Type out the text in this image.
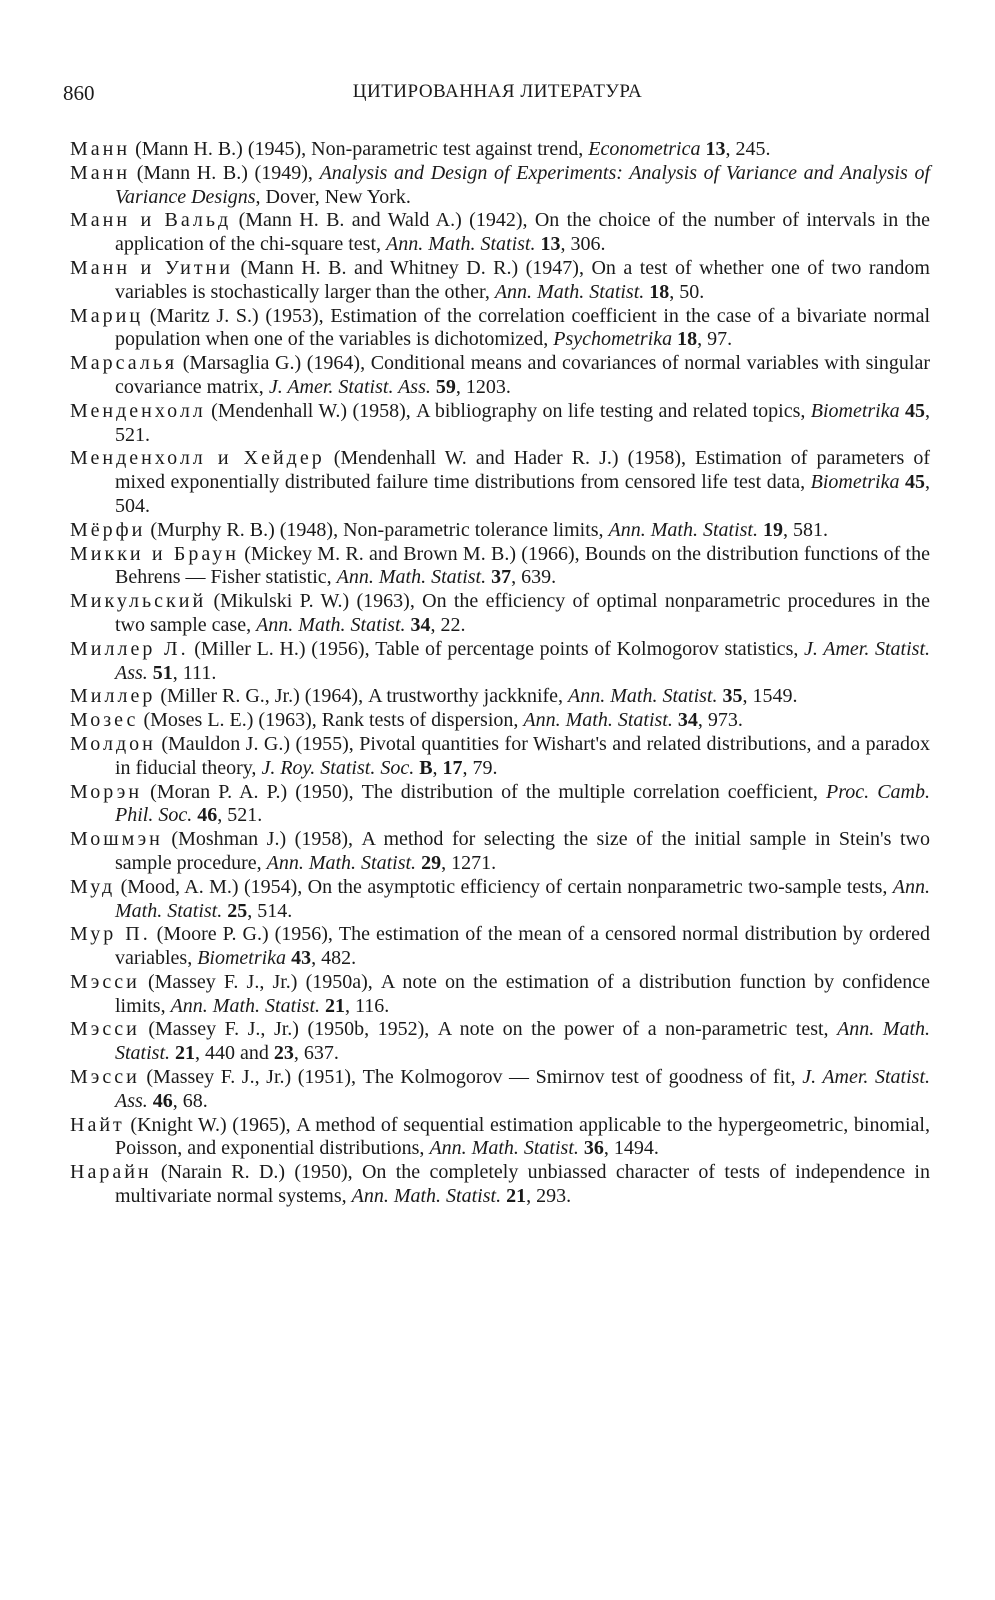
860	ЦИТИРОВАННАЯ ЛИТЕРАТУРА
Манн (Mann H. B.) (1945), Non-parametric test against trend, Econometrica 13, 245.
Манн (Mann H. B.) (1949), Analysis and Design of Experiments: Analysis of Variance and Analysis of Variance Designs, Dover, New York.
Манн и Вальд (Mann H. B. and Wald A.) (1942), On the choice of the number of intervals in the application of the chi-square test, Ann. Math. Statist. 13, 306.
Манн и Уитни (Mann H. B. and Whitney D. R.) (1947), On a test of whether one of two random variables is stochastically larger than the other, Ann. Math. Statist. 18, 50.
Мариц (Maritz J. S.) (1953), Estimation of the correlation coefficient in the case of a bivariate normal population when one of the variables is dichotomized, Psychometrika 18, 97.
Марсалья (Marsaglia G.) (1964), Conditional means and covariances of normal variables with singular covariance matrix, J. Amer. Statist. Ass. 59, 1203.
Менденхолл (Mendenhall W.) (1958), A bibliography on life testing and related topics, Biometrika 45, 521.
Менденхолл и Хейдер (Mendenhall W. and Hader R. J.) (1958), Estimation of parameters of mixed exponentially distributed failure time distributions from censored life test data, Biometrika 45, 504.
Мёрфи (Murphy R. B.) (1948), Non-parametric tolerance limits, Ann. Math. Statist. 19, 581.
Микки и Браун (Mickey M. R. and Brown M. B.) (1966), Bounds on the distribution functions of the Behrens — Fisher statistic, Ann. Math. Statist. 37, 639.
Микульский (Mikulski P. W.) (1963), On the efficiency of optimal nonparametric procedures in the two sample case, Ann. Math. Statist. 34, 22.
Миллер Л. (Miller L. H.) (1956), Table of percentage points of Kolmogorov statistics, J. Amer. Statist. Ass. 51, 111.
Миллер (Miller R. G., Jr.) (1964), A trustworthy jackknife, Ann. Math. Statist. 35, 1549.
Мозес (Moses L. E.) (1963), Rank tests of dispersion, Ann. Math. Statist. 34, 973.
Молдон (Mauldon J. G.) (1955), Pivotal quantities for Wishart's and related distributions, and a paradox in fiducial theory, J. Roy. Statist. Soc. B, 17, 79.
Морэн (Moran P. A. P.) (1950), The distribution of the multiple correlation coefficient, Proc. Camb. Phil. Soc. 46, 521.
Мошмэн (Moshman J.) (1958), A method for selecting the size of the initial sample in Stein's two sample procedure, Ann. Math. Statist. 29, 1271.
Муд (Mood, A. M.) (1954), On the asymptotic efficiency of certain nonparametric two-sample tests, Ann. Math. Statist. 25, 514.
Мур П. (Moore P. G.) (1956), The estimation of the mean of a censored normal distribution by ordered variables, Biometrika 43, 482.
Мэсси (Massey F. J., Jr.) (1950a), A note on the estimation of a distribution function by confidence limits, Ann. Math. Statist. 21, 116.
Мэсси (Massey F. J., Jr.) (1950b, 1952), A note on the power of a non-parametric test, Ann. Math. Statist. 21, 440 and 23, 637.
Мэсси (Massey F. J., Jr.) (1951), The Kolmogorov — Smirnov test of goodness of fit, J. Amer. Statist. Ass. 46, 68.
Найт (Knight W.) (1965), A method of sequential estimation applicable to the hypergeometric, binomial, Poisson, and exponential distributions, Ann. Math. Statist. 36, 1494.
Нарайн (Narain R. D.) (1950), On the completely unbiassed character of tests of independence in multivariate normal systems, Ann. Math. Statist. 21, 293.
